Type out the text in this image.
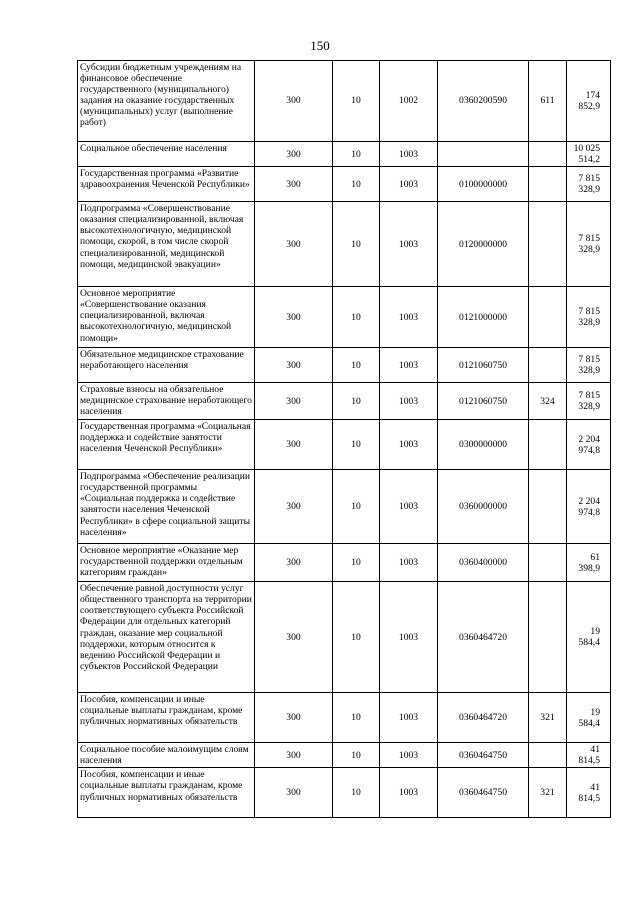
150
Субсидии бюджетным учреждениям на финансовое обеспечение государственного (муниципального) задания на оказание государственных (муниципальных) услуг (выполнение работ)	300	10	1002	0360200590	611	174 852,9
Социальное обеспечение населения	300	10	1003			10 025 514,2
Государственная программа «Развитие здравоохранения Чеченской Республики»	300	10	1003	0100000000		7 815 328,9
Подпрограмма «Совершенствование оказания специализированной, включая высокотехнологичную, медицинской помощи, скорой, в том числе скорой специализированной, медицинской помощи, медицинской эвакуации»	300	10	1003	0120000000		7 815 328,9
Основное мероприятие «Совершенствование оказания специализированной, включая высокотехнологичную, медицинской помощи»	300	10	1003	0121000000		7 815 328,9
Обязательное медицинское страхование неработающего населения	300	10	1003	0121060750		7 815 328,9
Страховые взносы на обязательное медицинское страхование неработающего населения	300	10	1003	0121060750	324	7 815 328,9
Государственная программа «Социальная поддержка и содействие занятости населения Чеченской Республики»	300	10	1003	0300000000		2 204 974,8
Подпрограмма «Обеспечение реализации государственной программы «Социальная поддержка и содействие занятости населения Чеченской Республики» в сфере социальной защиты населения»	300	10	1003	0360000000		2 204 974,8
Основное мероприятие «Оказание мер государственной поддержки отдельным категориям граждан»	300	10	1003	0360400000		61 398,9
Обеспечение равной доступности услуг общественного транспорта на территории соответствующего субъекта Российской Федерации для отдельных категорий граждан, оказание мер социальной поддержки, которым относится к ведению Российской Федерации и субъектов Российской Федерации	300	10	1003	0360464720		19 584,4
Пособия, компенсации и иные социальные выплаты гражданам, кроме публичных нормативных обязательств	300	10	1003	0360464720	321	19 584,4
Социальное пособие малоимущим слоям населения	300	10	1003	0360464750		41 814,5
Пособия, компенсации и иные социальные выплаты гражданам, кроме публичных нормативных обязательств	300	10	1003	0360464750	321	41 814,5
